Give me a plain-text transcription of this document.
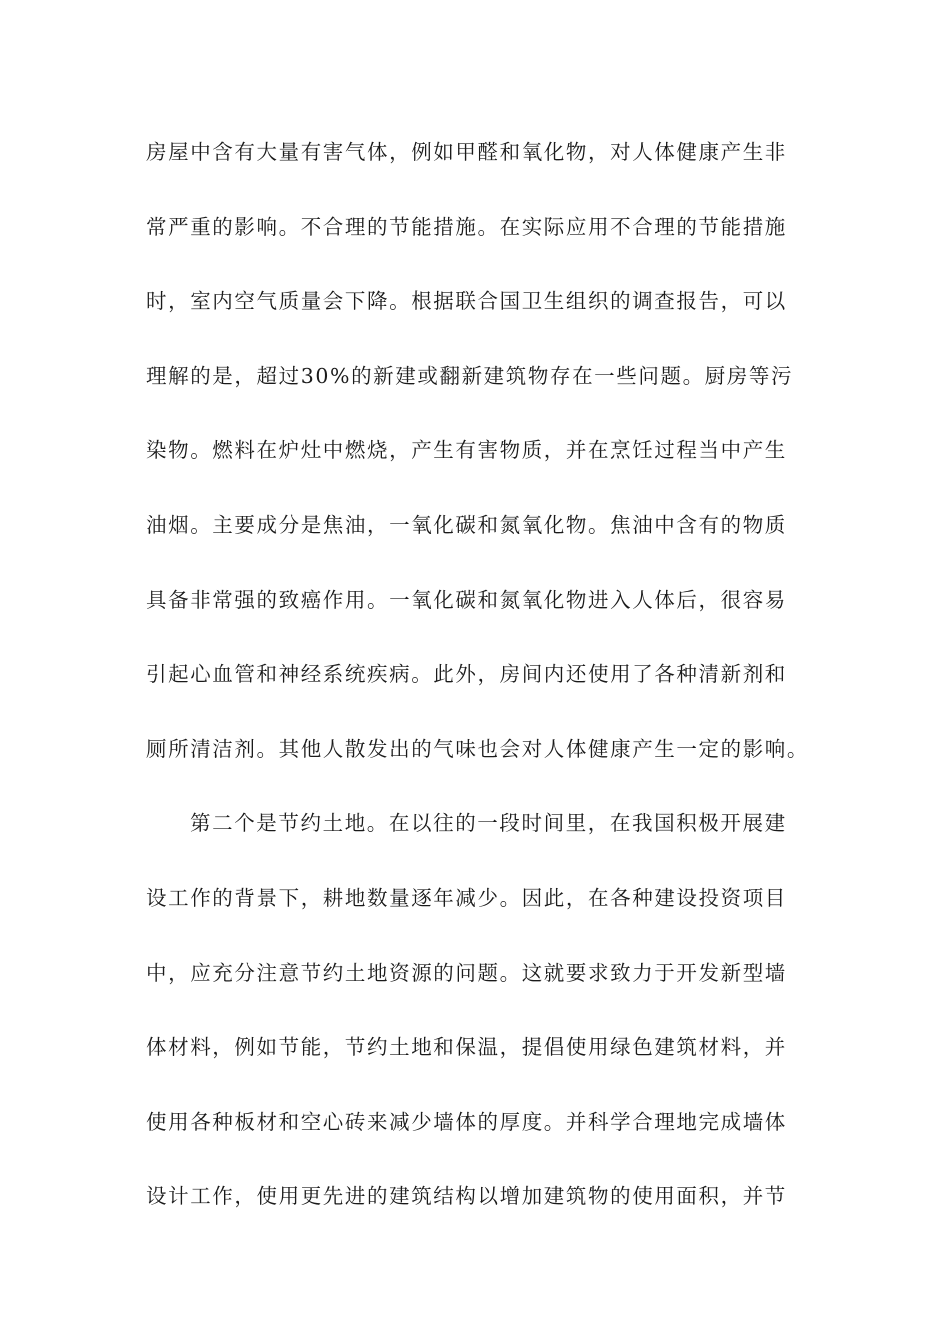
房屋中含有大量有害气体，例如甲醛和氧化物，对人体健康产生非
常严重的影响。不合理的节能措施。在实际应用不合理的节能措施
时，室内空气质量会下降。根据联合国卫生组织的调查报告，可以
理解的是，超过30%的新建或翻新建筑物存在一些问题。厨房等污
染物。燃料在炉灶中燃烧，产生有害物质，并在烹饪过程当中产生
油烟。主要成分是焦油，一氧化碳和氮氧化物。焦油中含有的物质
具备非常强的致癌作用。一氧化碳和氮氧化物进入人体后，很容易
引起心血管和神经系统疾病。此外，房间内还使用了各种清新剂和
厕所清洁剂。其他人散发出的气味也会对人体健康产生一定的影响。
第二个是节约土地。在以往的一段时间里，在我国积极开展建
设工作的背景下，耕地数量逐年减少。因此，在各种建设投资项目
中，应充分注意节约土地资源的问题。这就要求致力于开发新型墙
体材料，例如节能，节约土地和保温，提倡使用绿色建筑材料，并
使用各种板材和空心砖来减少墙体的厚度。并科学合理地完成墙体
设计工作，使用更先进的建筑结构以增加建筑物的使用面积，并节
